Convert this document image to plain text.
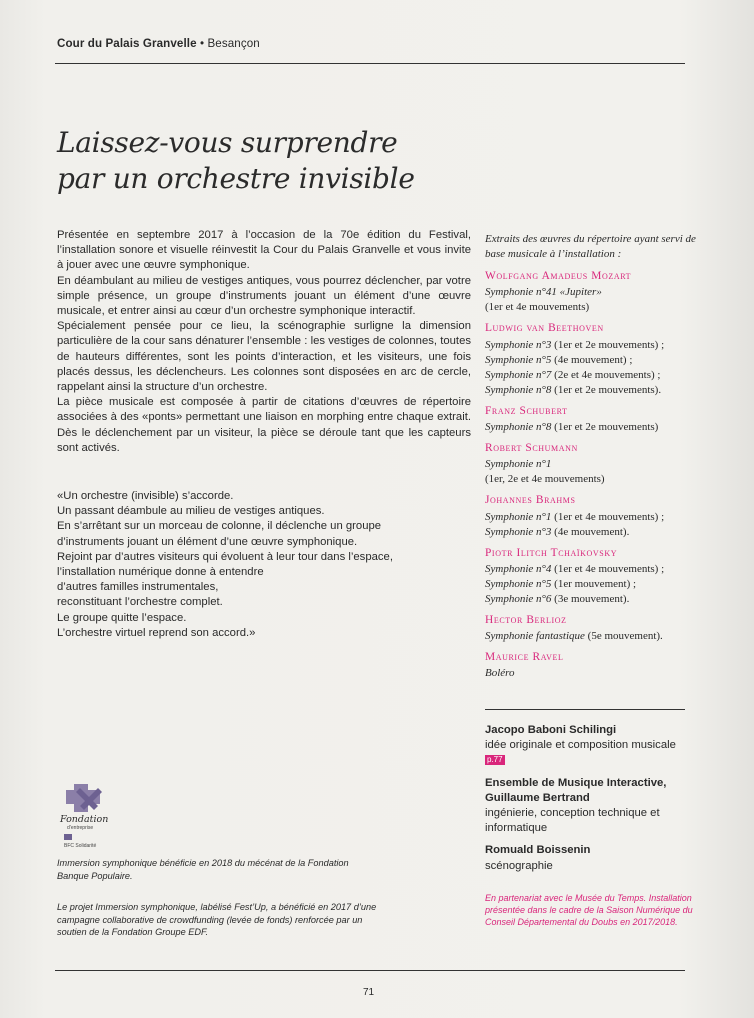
Cour du Palais Granvelle • Besançon
Laissez-vous surprendre
par un orchestre invisible

Présentée en septembre 2017 à l’occasion de la 70e édition du Festival, l’installation sonore et visuelle réinvestit la Cour du Palais Granvelle et vous invite à jouer avec une œuvre symphonique.

En déambulant au milieu de vestiges antiques, vous pourrez déclencher, par votre simple présence, un groupe d’instruments jouant un élément d’une œuvre musicale, et entrer ainsi au cœur d’un orchestre symphonique interactif.

Spécialement pensée pour ce lieu, la scénographie surligne la dimension particulière de la cour sans dénaturer l’ensemble : les vestiges de colonnes, toutes de hauteurs différentes, sont les points d’interaction, et les visiteurs, une fois placés dessus, les déclencheurs. Les colonnes sont disposées en arc de cercle, rappelant ainsi la structure d’un orchestre.

La pièce musicale est composée à partir de citations d’œuvres de répertoire associées à des «ponts» permettant une liaison en morphing entre chaque extrait. Dès le déclenchement par un visiteur, la pièce se déroule tant que les capteurs sont activés.

«Un orchestre (invisible) s’accorde.

Un passant déambule au milieu de vestiges antiques.

En s’arrêtant sur un morceau de colonne, il déclenche un groupe

d’instruments jouant un élément d’une œuvre symphonique.

Rejoint par d’autres visiteurs qui évoluent à leur tour dans l’espace,

l’installation numérique donne à entendre

d’autres familles instrumentales,

reconstituant l’orchestre complet.

Le groupe quitte l’espace.

L’orchestre virtuel reprend son accord.»

Extraits des œuvres du répertoire ayant servi de base musicale à l’installation :
Wolfgang Amadeus Mozart
Symphonie n°41 «Jupiter»
(1er et 4e mouvements)
Ludwig van Beethoven
Symphonie n°3 (1er et 2e mouvements) ;
Symphonie n°5 (4e mouvement) ;
Symphonie n°7 (2e et 4e mouvements) ;
Symphonie n°8 (1er et 2e mouvements).
Franz Schubert
Symphonie n°8 (1er et 2e mouvements)
Robert Schumann
Symphonie n°1
(1er, 2e et 4e mouvements)
Johannes Brahms
Symphonie n°1 (1er et 4e mouvements) ;
Symphonie n°3 (4e mouvement).
Piotr Ilitch Tchaïkovsky
Symphonie n°4 (1er et 4e mouvements) ;
Symphonie n°5 (1er mouvement) ;
Symphonie n°6 (3e mouvement).
Hector Berlioz
Symphonie fantastique (5e mouvement).
Maurice Ravel
Boléro
Jacopo Baboni Schilingi
idée originale et composition musicale p.77
Ensemble de Musique Interactive, Guillaume Bertrand
ingénierie, conception technique et informatique
Romuald Boissenin
scénographie
En partenariat avec le Musée du Temps. Installation présentée dans le cadre de la Saison Numérique du Conseil Départemental du Doubs en 2017/2018.
Fondation
d’entreprise
BFC Solidarité
Immersion symphonique bénéficie en 2018 du mécénat de la Fondation Banque Populaire.
Le projet Immersion symphonique, labélisé Fest’Up, a bénéficié en 2017 d’une campagne collaborative de crowdfunding (levée de fonds) renforcée par un soutien de la Fondation Groupe EDF.
71
